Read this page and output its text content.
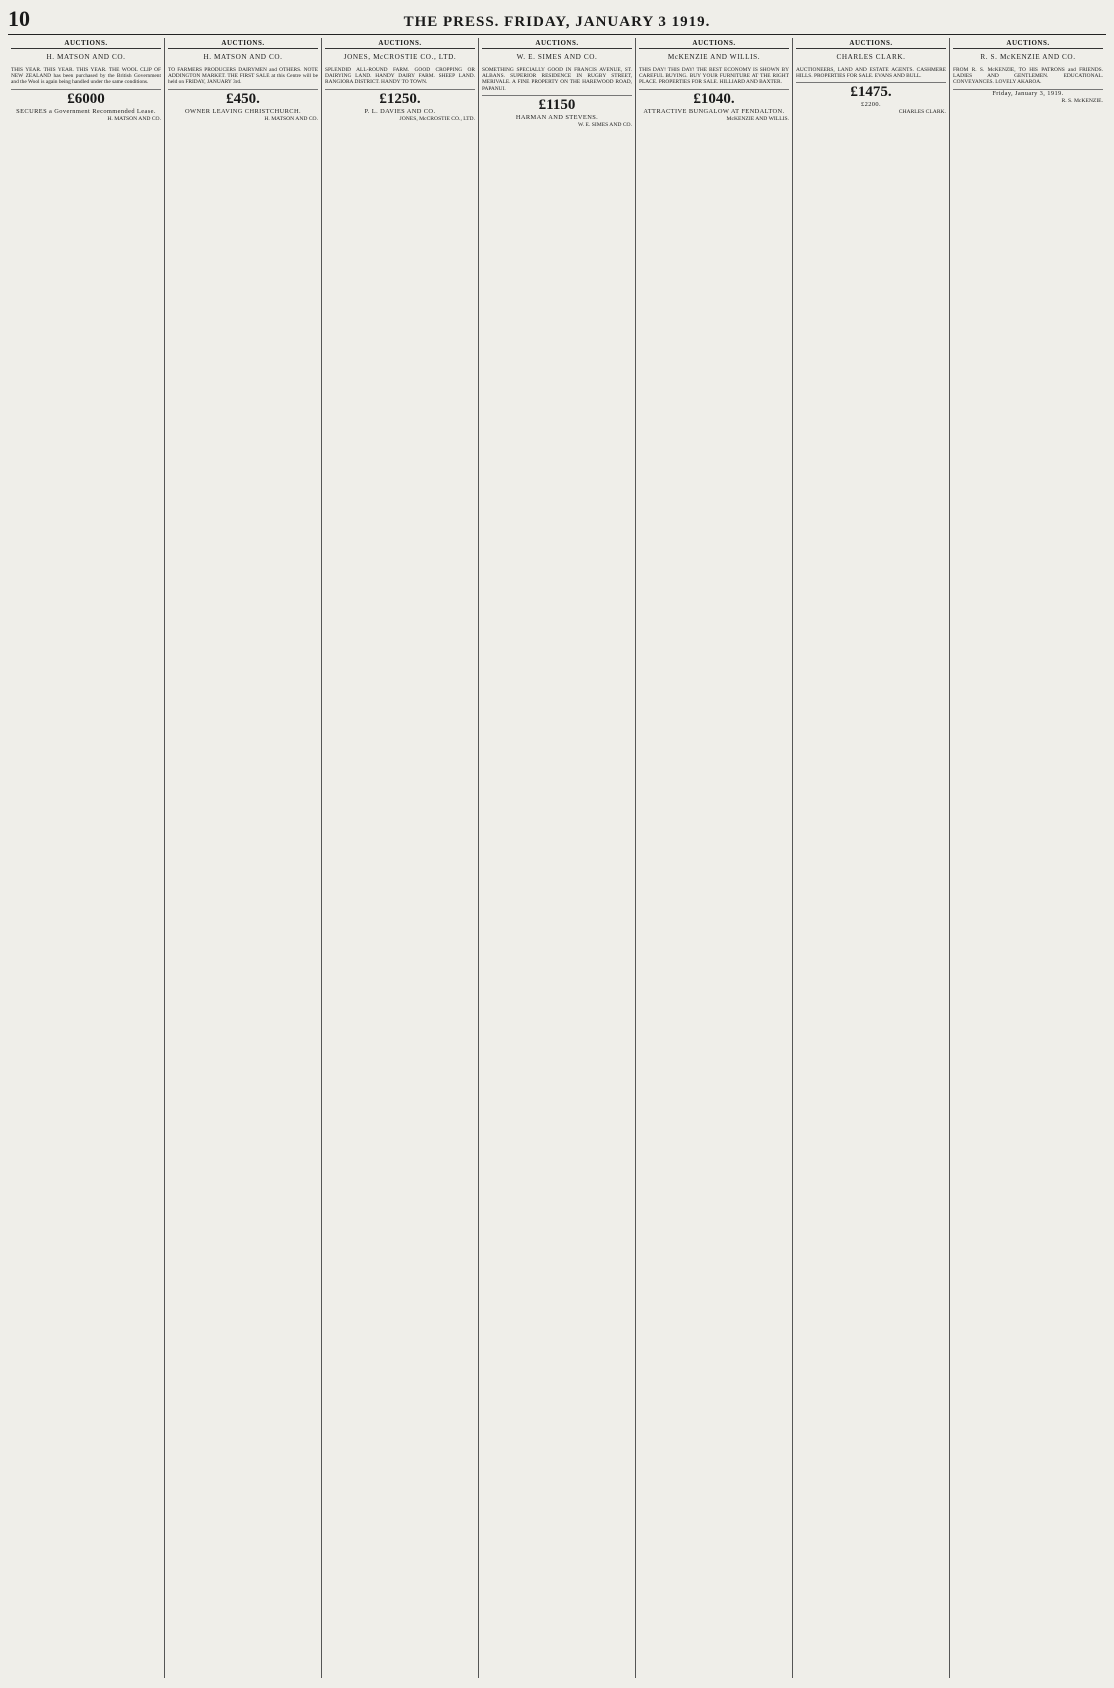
10	THE PRESS. FRIDAY, JANUARY 3 1919.
AUCTIONS.
H. MATSON AND CO.

THIS YEAR. THIS YEAR. THIS YEAR. THE WOOL CLIP OF NEW ZEALAND has been purchased by the British Government and the Wool is again being handled under the same conditions.

£6000
SECURES a Government Recommended Lease.
H. MATSON AND CO.
AUCTIONS.
H. MATSON AND CO.

TO FARMERS PRODUCERS DAIRYMEN and OTHERS. NOTE ADDINGTON MARKET. THE FIRST SALE at this Centre will be held on FRIDAY, JANUARY 3rd.

£450.
OWNER LEAVING CHRISTCHURCH.
H. MATSON AND CO.
AUCTIONS.
JONES, McCROSTIE CO., LTD.

SPLENDID ALL-ROUND FARM. GOOD CROPPING OR DAIRYING LAND. HANDY DAIRY FARM. SHEEP LAND. RANGIORA DISTRICT. HANDY TO TOWN.

£1250.
P. L. DAVIES AND CO.
JONES, McCROSTIE CO., LTD.
AUCTIONS.
W. E. SIMES AND CO.

SOMETHING SPECIALLY GOOD IN FRANCIS AVENUE, ST. ALBANS. SUPERIOR RESIDENCE IN RUGBY STREET, MERIVALE. A FINE PROPERTY ON THE HAREWOOD ROAD, PAPANUI.

£1150
HARMAN AND STEVENS.
W. E. SIMES AND CO.
AUCTIONS.
McKENZIE AND WILLIS.

THIS DAY! THIS DAY! THE BEST ECONOMY IS SHOWN BY CAREFUL BUYING. BUY YOUR FURNITURE AT THE RIGHT PLACE. PROPERTIES FOR SALE. HILLIARD AND BAXTER.

£1040.
ATTRACTIVE BUNGALOW AT FENDALTON.
McKENZIE AND WILLIS.
AUCTIONS.
CHARLES CLARK.

AUCTIONEERS, LAND AND ESTATE AGENTS. CASHMERE HILLS. PROPERTIES FOR SALE. EVANS AND BULL.

£1475.
£2200.
CHARLES CLARK.
AUCTIONS.
R. S. McKENZIE AND CO.

FROM R. S. McKENZIE, TO HIS PATRONS and FRIENDS. LADIES AND GENTLEMEN. EDUCATIONAL. CONVEYANCES. LOVELY AKAROA.

Friday, January 3, 1919.
R. S. McKENZIE.
